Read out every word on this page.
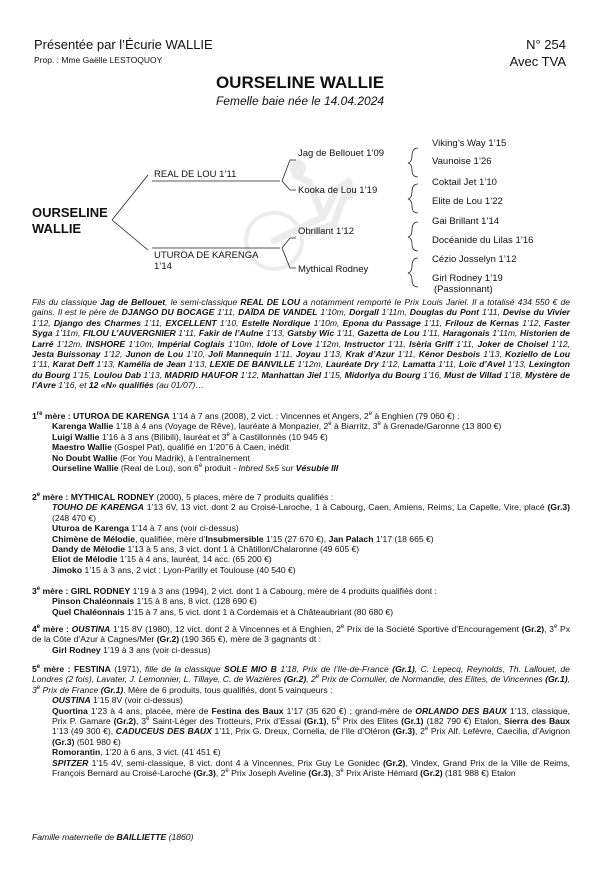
Présentée par l’Écurie WALLIE
Prop. : Mme Gaëlle LESTOQUOY
N° 254
Avec TVA
OURSELINE WALLIE
Femelle baie née le 14.04.2024
OURSELINE
WALLIE
REAL DE LOU 1’11
UTUROA DE KARENGA
1’14
Jag de Bellouet 1’09
Kooka de Lou 1’19
Obrillant 1’12
Mythical Rodney
Viking’s Way 1’15
Vaunoise 1’26
Coktail Jet 1’10
Elite de Lou 1’22
Gai Brillant 1’14
Docéanide du Lilas 1’16
Cézio Josselyn 1’12
Girl Rodney 1’19
(Passionnant)

Fils du classique Jag de Bellouet, le semi-classique REAL DE LOU a notamment remporté le Prix Louis Jariel. Il a totalisé 434 550 € de gains. Il est le père de DJANGO DU BOCAGE 1’11, DAÏDA DE VANDEL 1’10m, Dorgall 1’11m, Douglas du Pont 1’11, Devise du Vivier 1’12, Django des Charmes 1’11, EXCELLENT 1’10, Estelle Nordique 1’10m, Epona du Passage 1’11, Frilouz de Kernas 1’12, Faster Syga 1’11m, FILOU L’AUVERGNIER 1’11, Fakir de l’Aulne 1’13, Gatsby Wic 1’11, Gazetta de Lou 1’11, Haragonais 1’11m, Historien de Larré 1’12m, INSHORE 1’10m, Impérial Coglais 1’10m, Idole of Love 1’12m, Instructor 1’11, Isèria Griff 1’11, Joker de Choisel 1’12, Jesta Buissonay 1’12, Junon de Lou 1’10, Joli Mannequin 1’11, Joyau 1’13, Krak d’Azur 1’11, Kénor Desbois 1’13, Koziello de Lou 1’11, Karat Deff 1’13, Kamélia de Jean 1’13, LEXIE DE BANVILLE 1’12m, Lauréate Dry 1’12, Lamatta 1’11, Loïc d’Avel 1’13, Lexington du Bourg 1’15, Loulou Dab 1’13, MADRID HAUFOR 1’12, Manhattan Jiel 1’15, Midorlya du Bourg 1’16, Must de Villad 1’18, Mystère de l’Avre 1’16, et 12 «N» qualifiés (au 01/07)…

1re mère : UTUROA DE KARENGA 1’14 à 7 ans (2008), 2 vict. : Vincennes et Angers, 2e à Enghien (79 060 €) :

Karenga Wallie 1’18 à 4 ans (Voyage de Rêve), lauréate à Monpazier, 2e à Biarritz, 3e à Grenade/Garonne (13 800 €)

Luigi Wallie 1’16 à 3 ans (Bilibili), lauréat et 3e à Castillonnès (10 945 €)

Maestro Wallie (Gospel Pat), qualifié en 1’20’’6 à Caen, inédit

No Doubt Wallie (For You Madrik), à l’entraînement

Ourseline Wallie (Real de Lou), son 6e produit - Inbred 5x5 sur Vésubie III

2e mère : MYTHICAL RODNEY (2000), 5 places, mère de 7 produits qualifiés :

TOUHO DE KARENGA 1’13 6V, 13 vict. dont 2 au Croisé-Laroche, 1 à Cabourg, Caen, Amiens, Reims, La Capelle, Vire, placé (Gr.3) (248 470 €)

Uturoa de Karenga 1’14 à 7 ans (voir ci-dessus)

Chimène de Mélodie, qualifiée, mère d’Insubmersible 1’15 (27 670 €), Jan Palach 1’17 (18 665 €)

Dandy de Mélodie 1’13 à 5 ans, 3 vict. dont 1 à Châtillon/Chalaronne (49 605 €)

Eliot de Mélodie 1’15 à 4 ans, lauréat, 14 acc. (65 200 €)

Jimoko 1’15 à 3 ans, 2 vict : Lyon-Parilly et Toulouse (40 540 €)

3e mère : GIRL RODNEY 1’19 à 3 ans (1994), 2 vict. dont 1 à Cabourg, mère de 4 produits qualifiés dont :

Pinson Chaléonnais 1’15 à 8 ans, 8 vict. (128 690 €)

Quel Chaléonnais 1’15 à 7 ans, 5 vict. dont 1 à Cordemais et à Châteaubriant (80 680 €)

4e mère : OUSTINA 1’15 8V (1980), 12 vict. dont 2 à Vincennes et à Enghien, 2e Prix de la Société Sportive d’Encouragement (Gr.2), 3e Px de la Côte d’Azur à Cagnes/Mer (Gr.2) (190 365 €), mère de 3 gagnants dt :

Girl Rodney 1’19 à 3 ans (voir ci-dessus)

5e mère : FESTINA (1971), fille de la classique SOLE MIO B 1’18, Prix de l’Ile-de-France (Gr.1), C. Lepecq, Reynolds, Th. Lallouet, de Londres (2 fois), Lavater, J. Lemonnier, L. Tillaye, C. de Wazières (Gr.2), 2e Prix de Cornulier, de Normandie, des Elites, de Vincennes (Gr.1), 3e Prix de France (Gr.1). Mère de 6 produits, tous qualifiés, dont 5 vainqueurs :

OUSTINA 1’15 8V (voir ci-dessus)

Quortina 1’23 à 4 ans, placée, mère de Festina des Baux 1’17 (35 620 €) ; grand-mère de ORLANDO DES BAUX 1’13, classique, Prix P. Gamare (Gr.2), 3e Saint-Léger des Trotteurs, Prix d’Essai (Gr.1), 5e Prix des Elites (Gr.1) (182 790 €) Etalon, Sierra des Baux 1’13 (49 300 €), CADUCEUS DES BAUX 1’11, Prix G. Dreux, Cornelia, de l’Ile d’Oléron (Gr.3), 2e Prix Alf. Lefèvre, Caecilia, d’Avignon (Gr.3) (501 980 €)

Romorantin, 1’20 à 6 ans, 3 vict. (41 451 €)

SPITZER 1’15 4V, semi-classique, 8 vict. dont 4 à Vincennes, Prix Guy Le Gonidec (Gr.2), Vindex, Grand Prix de la Ville de Reims, François Bernard au Croisé-Laroche (Gr.3), 2e Prix Joseph Aveline (Gr.3), 3e Prix Ariste Hémard (Gr.2) (181 988 €) Etalon

Famille maternelle de BAILLIETTE (1860)
